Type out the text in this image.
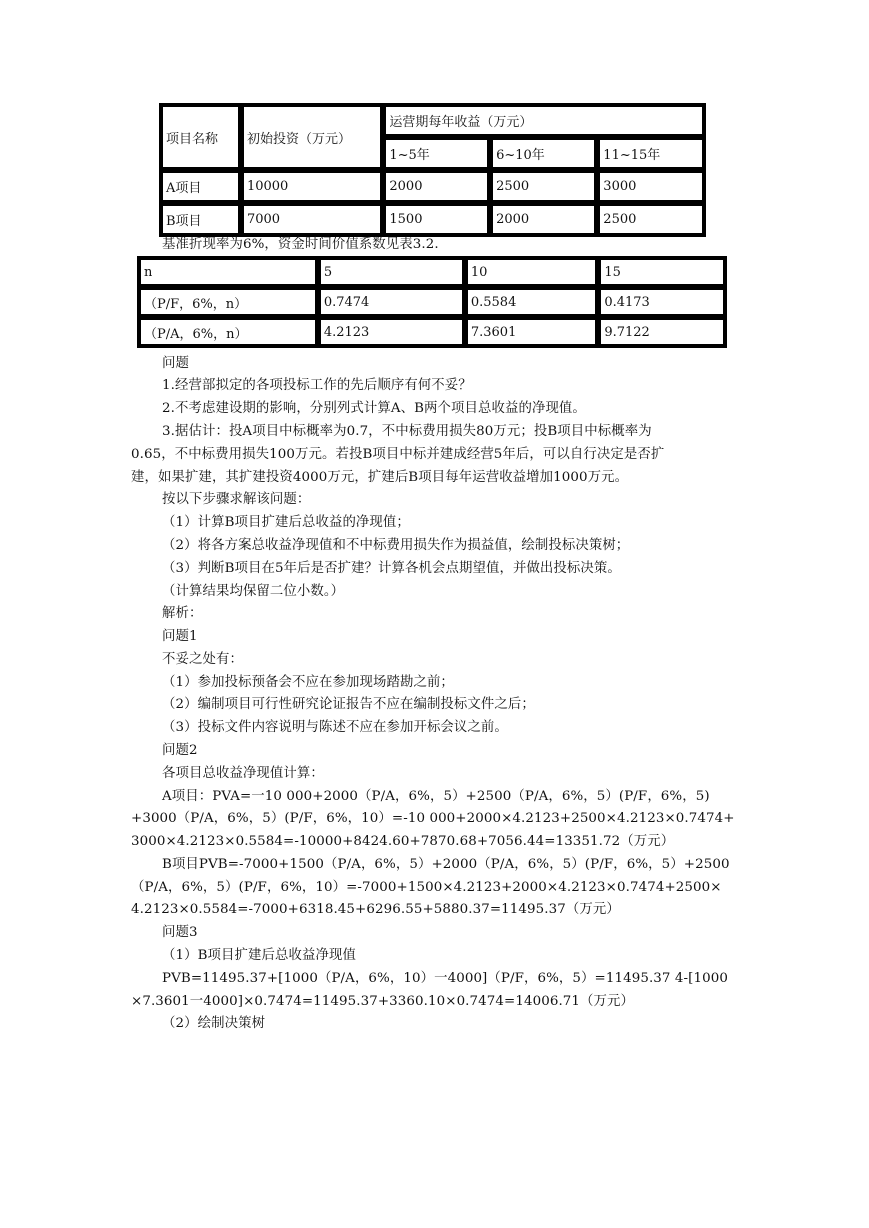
项目名称	初始投资（万元）	运营期每年收益（万元）		
		1~5年	6~10年	11~15年
A项目	10000	2000	2500	3000
B项目	7000	1500	2000	2500
基准折现率为6%，资金时间价值系数见表3.2.
n	5	10	15
（P/F，6%，n）	0.7474	0.5584	0.4173
（P/A，6%，n）	4.2123	7.3601	9.7122
问题
1.经营部拟定的各项投标工作的先后顺序有何不妥？
2.不考虑建设期的影响，分别列式计算A、B两个项目总收益的净现值。
3.据估计：投A项目中标概率为0.7，不中标费用损失80万元；投B项目中标概率为
0.65，不中标费用损失100万元。若投B项目中标并建成经营5年后，可以自行决定是否扩
建，如果扩建，其扩建投资4000万元，扩建后B项目每年运营收益增加1000万元。
按以下步骤求解该问题：
（1）计算B项目扩建后总收益的净现值；
（2）将各方案总收益净现值和不中标费用损失作为损益值，绘制投标决策树；
（3）判断B项目在5年后是否扩建？计算各机会点期望值，并做出投标决策。
（计算结果均保留二位小数。）
解析：
问题1
不妥之处有：
（1）参加投标预备会不应在参加现场踏勘之前；
（2）编制项目可行性研究论证报告不应在编制投标文件之后；
（3）投标文件内容说明与陈述不应在参加开标会议之前。
问题2
各项目总收益净现值计算：
A项目：PVA=一10 000+2000（P/A，6%，5）+2500（P/A，6%，5）(P/F，6%，5)
+3000（P/A，6%，5）(P/F，6%，10）=-10 000+2000×4.2123+2500×4.2123×0.7474+
3000×4.2123×0.5584=-10000+8424.60+7870.68+7056.44=13351.72（万元）
B项目PVB=-7000+1500（P/A，6%，5）+2000（P/A，6%，5）(P/F，6%，5）+2500
（P/A，6%，5）(P/F，6%，10）=-7000+1500×4.2123+2000×4.2123×0.7474+2500×
4.2123×0.5584=-7000+6318.45+6296.55+5880.37=11495.37（万元）
问题3
（1）B项目扩建后总收益净现值
PVB=11495.37+[1000（P/A，6%，10）一4000]（P/F，6%，5）=11495.37 4-[1000
×7.3601一4000]×0.7474=11495.37+3360.10×0.7474=14006.71（万元）
（2）绘制决策树
